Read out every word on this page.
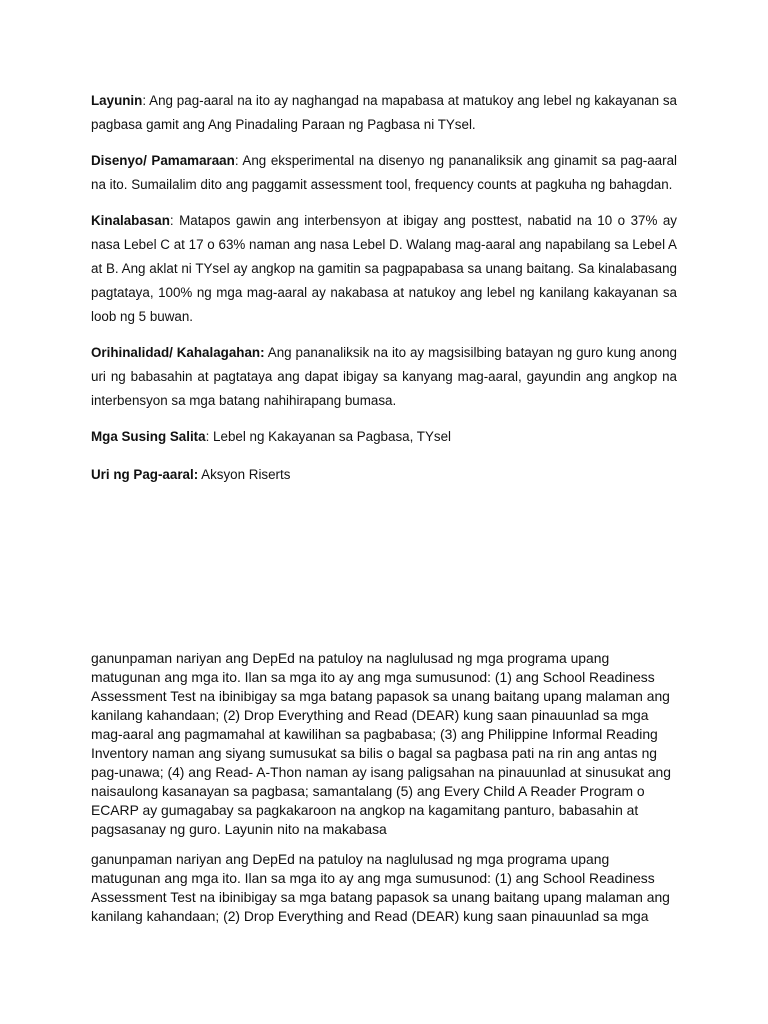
Layunin: Ang pag-aaral na ito ay naghangad na mapabasa at matukoy ang lebel ng kakayanan sa pagbasa gamit ang Ang Pinadaling Paraan ng Pagbasa ni TYsel.

Disenyo/ Pamamaraan: Ang eksperimental na disenyo ng pananaliksik ang ginamit sa pag-aaral na ito. Sumailalim dito ang paggamit assessment tool, frequency counts at pagkuha ng bahagdan.

Kinalabasan: Matapos gawin ang interbensyon at ibigay ang posttest, nabatid na 10 o 37% ay nasa Lebel C at 17 o 63% naman ang nasa Lebel D. Walang mag-aaral ang napabilang sa Lebel A at B. Ang aklat ni TYsel ay angkop na gamitin sa pagpapabasa sa unang baitang. Sa kinalabasang pagtataya, 100% ng mga mag-aaral ay nakabasa at natukoy ang lebel ng kanilang kakayanan sa loob ng 5 buwan.

Orihinalidad/ Kahalagahan: Ang pananaliksik na ito ay magsisilbing batayan ng guro kung anong uri ng babasahin at pagtataya ang dapat ibigay sa kanyang mag-aaral, gayundin ang angkop na interbensyon sa mga batang nahihirapang bumasa.

Mga Susing Salita: Lebel ng Kakayanan sa Pagbasa, TYsel

Uri ng Pag-aaral: Aksyon Riserts

ganunpaman nariyan ang DepEd na patuloy na naglulusad ng mga programa upang matugunan ang mga ito. Ilan sa mga ito ay ang mga sumusunod: (1) ang School Readiness Assessment Test na ibinibigay sa mga batang papasok sa unang baitang upang malaman ang kanilang kahandaan; (2) Drop Everything and Read (DEAR) kung saan pinauunlad sa mga mag-aaral ang pagmamahal at kawilihan sa pagbabasa; (3) ang Philippine Informal Reading Inventory naman ang siyang sumusukat sa bilis o bagal sa pagbasa pati na rin ang antas ng pag-unawa; (4) ang Read- A-Thon naman ay isang paligsahan na pinauunlad at sinusukat ang naisaulong kasanayan sa pagbasa; samantalang (5) ang Every Child A Reader Program o ECARP ay gumagabay sa pagkakaroon na angkop na kagamitang panturo, babasahin at pagsasanay ng guro. Layunin nito na makabasa

ganunpaman nariyan ang DepEd na patuloy na naglulusad ng mga programa upang matugunan ang mga ito. Ilan sa mga ito ay ang mga sumusunod: (1) ang School Readiness Assessment Test na ibinibigay sa mga batang papasok sa unang baitang upang malaman ang kanilang kahandaan; (2) Drop Everything and Read (DEAR) kung saan pinauunlad sa mga
